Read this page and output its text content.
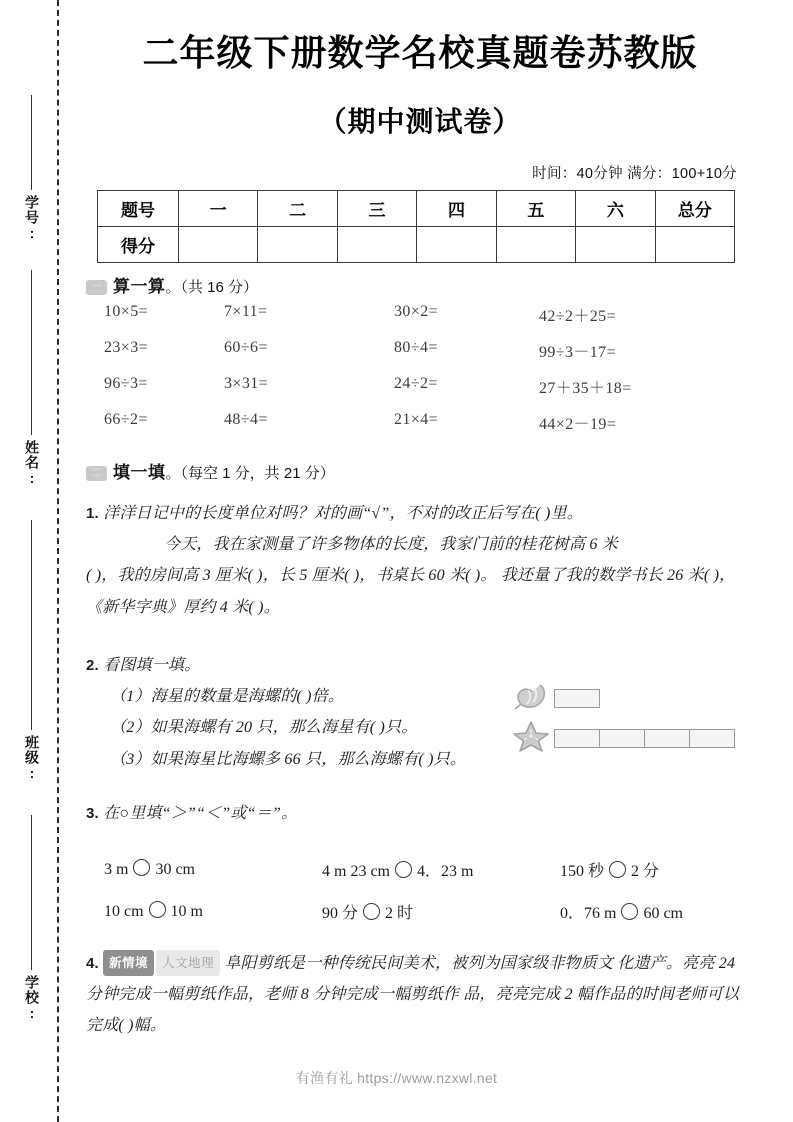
学号:
姓名:
班级:
学校:
二年级下册数学名校真题卷苏教版
（期中测试卷）
时间：40分钟 满分：100+10分
题号	一	二	三	四	五	六	总分
得分							
一 算一算。（共 16 分）
10×5=	7×11=	30×2=	42÷2＋25=
23×3=	60÷6=	80÷4=	99÷3－17=
96÷3=	3×31=	24÷2=	27＋35＋18=
66÷2=	48÷4=	21×4=	44×2－19=
二 填一填。（每空 1 分，共 21 分）
1. 洋洋日记中的长度单位对吗？对的画“√”，不对的改正后写在( )里。
今天，我在家测量了许多物体的长度，我家门前的桂花树高 6 米
( )，我的房间高 3 厘米( )，长 5 厘米( )，书桌长 60 米( )。 我还量了我的数学书长 26 米( )，《新华字典》厚约 4 米( )。
2. 看图填一填。
（1）海星的数量是海螺的( )倍。
（2）如果海螺有 20 只，那么海星有( )只。
（3）如果海星比海螺多 66 只，那么海螺有( )只。
3. 在○里填“＞”“＜”或“＝”。
3 m 30 cm	4 m 23 cm 4．23 m	150 秒 2 分
10 cm 10 m	90 分 2 时	0．76 m 60 cm
4. 新情境 人文地理 阜阳剪纸是一种传统民间美术，被列为国家级非物质文 化遗产。亮亮 24 分钟完成一幅剪纸作品，老师 8 分钟完成一幅剪纸作 品，亮亮完成 2 幅作品的时间老师可以完成( )幅。
有渔有礼 https://www.nzxwl.net
